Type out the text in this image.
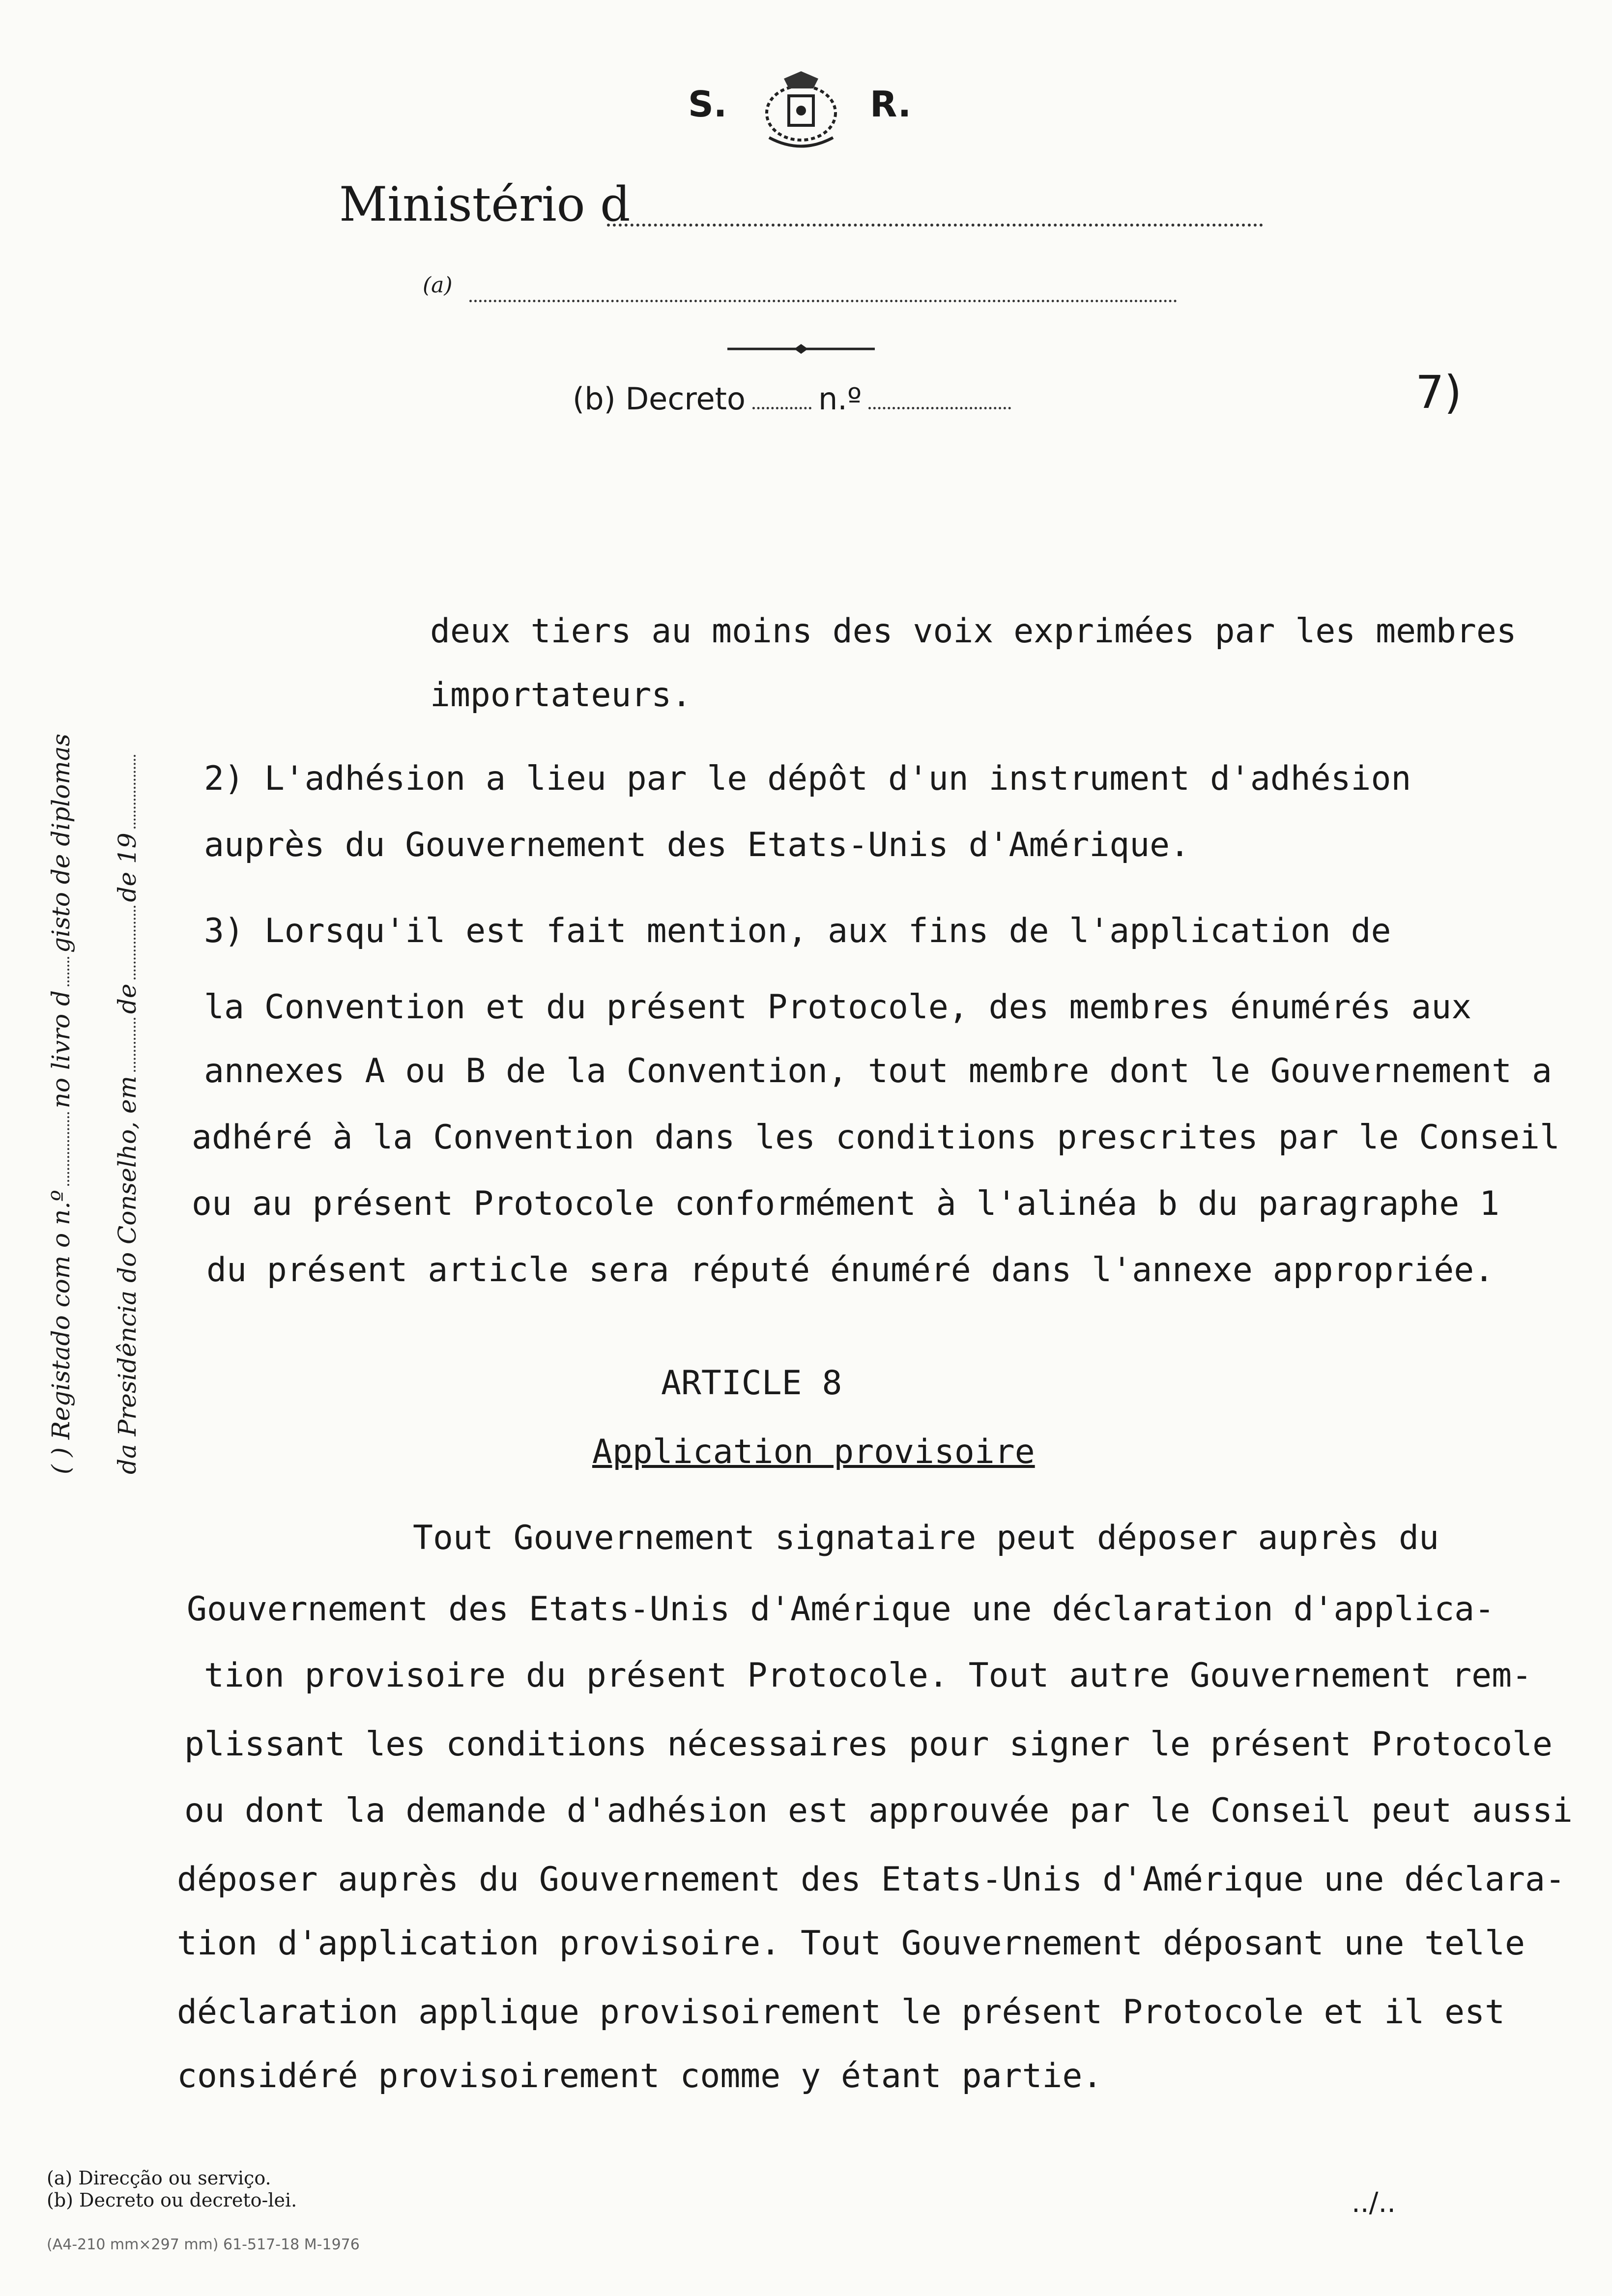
S.	R.
Ministério d
(a)
(b) Decreto n.º	7)
( ) Registado com o n.ºno livro dgisto de diplomas
da Presidência do Conselho, emdede 19
deux tiers au moins des voix exprimées par les membres
importateurs.
2) L'adhésion a lieu par le dépôt d'un instrument d'adhésion
auprès du Gouvernement des Etats-Unis d'Amérique.
3) Lorsqu'il est fait mention, aux fins de l'application de
la Convention et du présent Protocole, des membres énumérés aux
annexes A ou B de la Convention, tout membre dont le Gouvernement a
adhéré à la Convention dans les conditions prescrites par le Conseil
ou au présent Protocole conformément à l'alinéa b du paragraphe 1
du présent article sera réputé énuméré dans l'annexe appropriée.
ARTICLE 8
Application provisoire
Tout Gouvernement signataire peut déposer auprès du
Gouvernement des Etats-Unis d'Amérique une déclaration d'applica-
tion provisoire du présent Protocole. Tout autre Gouvernement rem-
plissant les conditions nécessaires pour signer le présent Protocole
ou dont la demande d'adhésion est approuvée par le Conseil peut aussi
déposer auprès du Gouvernement des Etats-Unis d'Amérique une déclara-
tion d'application provisoire. Tout Gouvernement déposant une telle
déclaration applique provisoirement le présent Protocole et il est
considéré provisoirement comme y étant partie.
(a) Direcção ou serviço.
(b) Decreto ou decreto-lei.
(A4-210 mm×297 mm) 61-517-18 M-1976
../..
